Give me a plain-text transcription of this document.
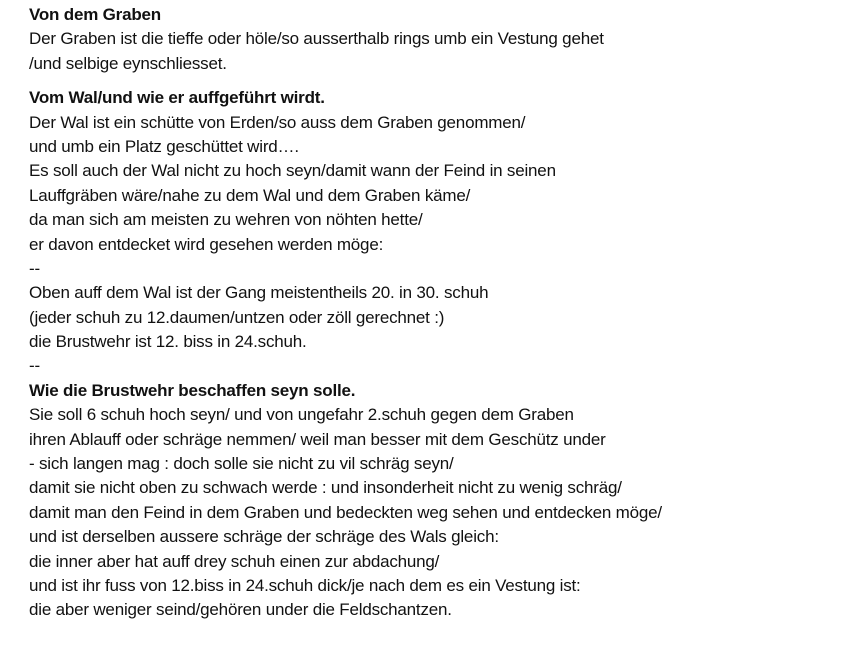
Von dem Graben
Der Graben ist die tieffe oder höle/so ausserthalb rings umb ein Vestung gehet
/und selbige eynschliesset.
Vom Wal/und wie er auffgeführt wirdt.
Der Wal ist ein schütte von Erden/so auss dem Graben genommen/
und umb ein Platz geschüttet wird….
Es soll auch der Wal nicht zu hoch seyn/damit wann der Feind in seinen
Lauffgräben wäre/nahe zu dem Wal und dem Graben käme/
da man sich am meisten zu wehren von nöhten hette/
er davon entdecket wird gesehen werden möge:
--
Oben auff dem Wal ist der Gang meistentheils 20. in 30. schuh
(jeder schuh zu 12.daumen/untzen oder zöll gerechnet :)
die Brustwehr ist 12. biss in 24.schuh.
--
Wie die Brustwehr beschaffen seyn solle.
Sie soll 6 schuh hoch seyn/ und von ungefahr 2.schuh gegen dem Graben
ihren Ablauff oder schräge nemmen/ weil man besser mit dem Geschütz under
- sich langen mag : doch solle sie nicht zu vil schräg seyn/
damit sie nicht oben zu schwach werde : und insonderheit nicht zu wenig schräg/
damit man den Feind in dem Graben und bedeckten weg sehen und entdecken möge/
und ist derselben aussere schräge der schräge des Wals gleich:
die inner aber hat auff drey schuh einen zur abdachung/
und ist ihr fuss von 12.biss in 24.schuh dick/je nach dem es ein Vestung ist:
die aber weniger seind/gehören under die Feldschantzen.
